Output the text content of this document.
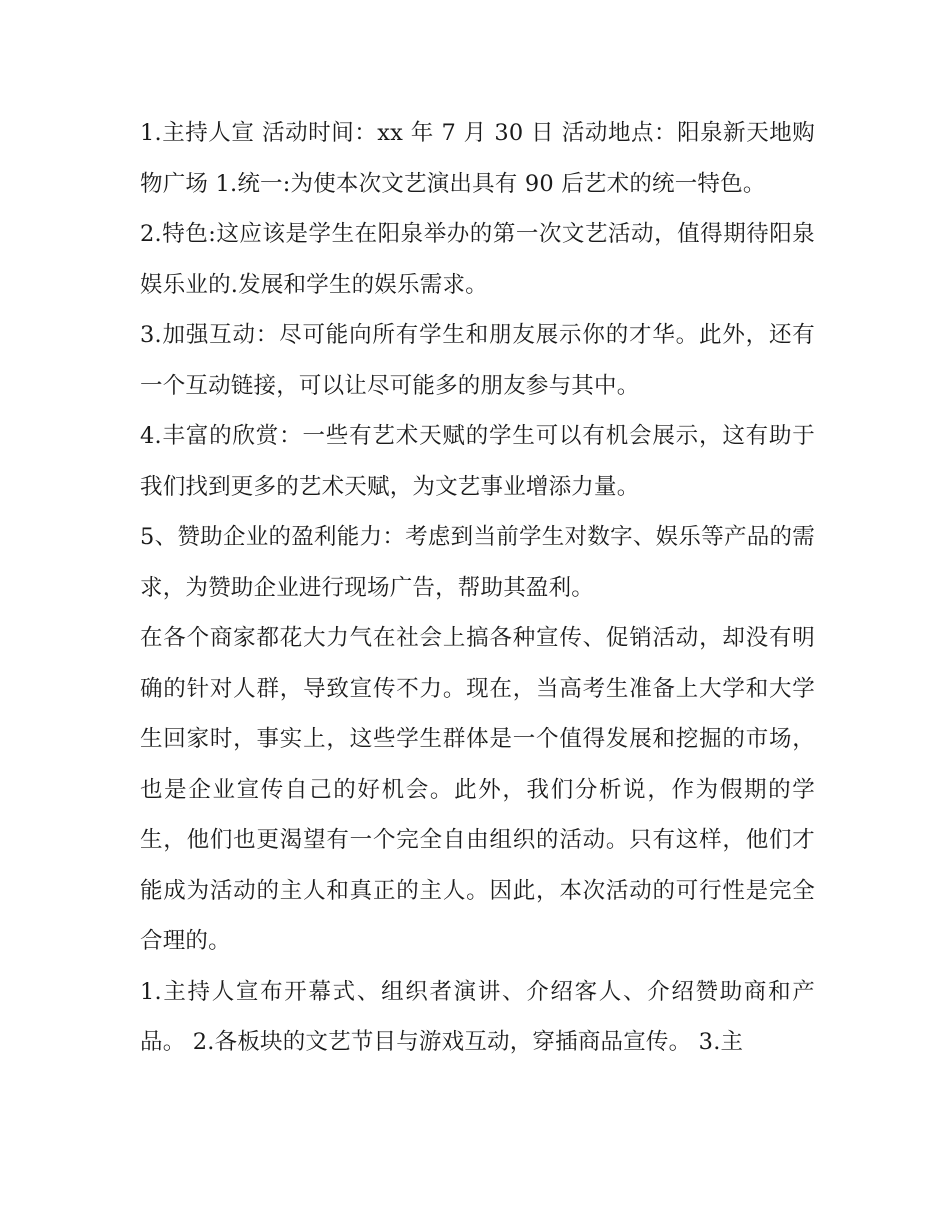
1.主持人宣 活动时间：xx 年 7 月 30 日 活动地点：阳泉新天地购物广场 1.统一:为使本次文艺演出具有 90 后艺术的统一特色。

2.特色:这应该是学生在阳泉举办的第一次文艺活动，值得期待阳泉娱乐业的.发展和学生的娱乐需求。

3.加强互动：尽可能向所有学生和朋友展示你的才华。此外，还有一个互动链接，可以让尽可能多的朋友参与其中。

4.丰富的欣赏：一些有艺术天赋的学生可以有机会展示，这有助于我们找到更多的艺术天赋，为文艺事业增添力量。

5、赞助企业的盈利能力：考虑到当前学生对数字、娱乐等产品的需求，为赞助企业进行现场广告，帮助其盈利。

在各个商家都花大力气在社会上搞各种宣传、促销活动，却没有明确的针对人群，导致宣传不力。现在，当高考生准备上大学和大学生回家时，事实上，这些学生群体是一个值得发展和挖掘的市场，也是企业宣传自己的好机会。此外，我们分析说，作为假期的学生，他们也更渴望有一个完全自由组织的活动。只有这样，他们才能成为活动的主人和真正的主人。因此，本次活动的可行性是完全合理的。

1.主持人宣布开幕式、组织者演讲、介绍客人、介绍赞助商和产品。 2.各板块的文艺节目与游戏互动，穿插商品宣传。 3.主
